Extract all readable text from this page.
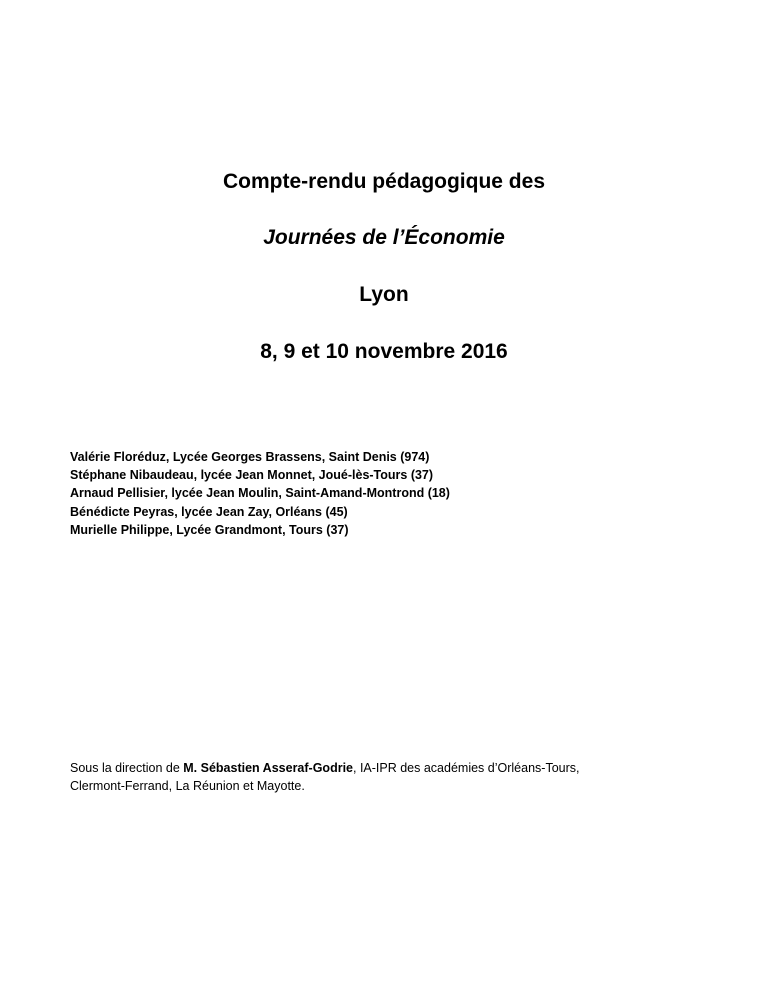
Compte-rendu pédagogique des
Journées de l’Économie
Lyon
8, 9 et 10 novembre 2016
Valérie Floréduz, Lycée Georges Brassens, Saint Denis (974)
Stéphane Nibaudeau, lycée Jean Monnet, Joué-lès-Tours (37)
Arnaud Pellisier, lycée Jean Moulin, Saint-Amand-Montrond (18)
Bénédicte Peyras, lycée Jean Zay, Orléans (45)
Murielle Philippe, Lycée Grandmont, Tours (37)
Sous la direction de M. Sébastien Asseraf-Godrie, IA-IPR des académies d’Orléans-Tours,
Clermont-Ferrand, La Réunion et Mayotte.
